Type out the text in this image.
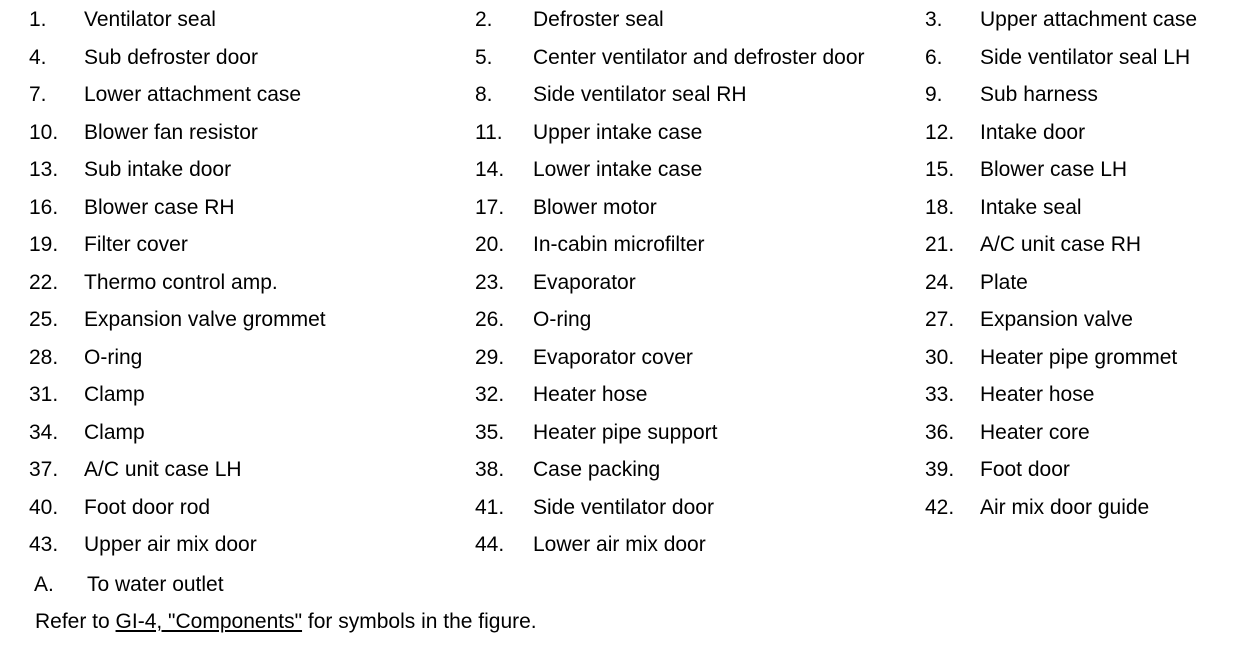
1. Ventilator seal	2. Defroster seal	3. Upper attachment case
4. Sub defroster door	5. Center ventilator and defroster door	6. Side ventilator seal LH
7. Lower attachment case	8. Side ventilator seal RH	9. Sub harness
10. Blower fan resistor	11. Upper intake case	12. Intake door
13. Sub intake door	14. Lower intake case	15. Blower case LH
16. Blower case RH	17. Blower motor	18. Intake seal
19. Filter cover	20. In-cabin microfilter	21. A/C unit case RH
22. Thermo control amp.	23. Evaporator	24. Plate
25. Expansion valve grommet	26. O-ring	27. Expansion valve
28. O-ring	29. Evaporator cover	30. Heater pipe grommet
31. Clamp	32. Heater hose	33. Heater hose
34. Clamp	35. Heater pipe support	36. Heater core
37. A/C unit case LH	38. Case packing	39. Foot door
40. Foot door rod	41. Side ventilator door	42. Air mix door guide
43. Upper air mix door	44. Lower air mix door
A. To water outlet
Refer to GI-4, "Components" for symbols in the figure.
